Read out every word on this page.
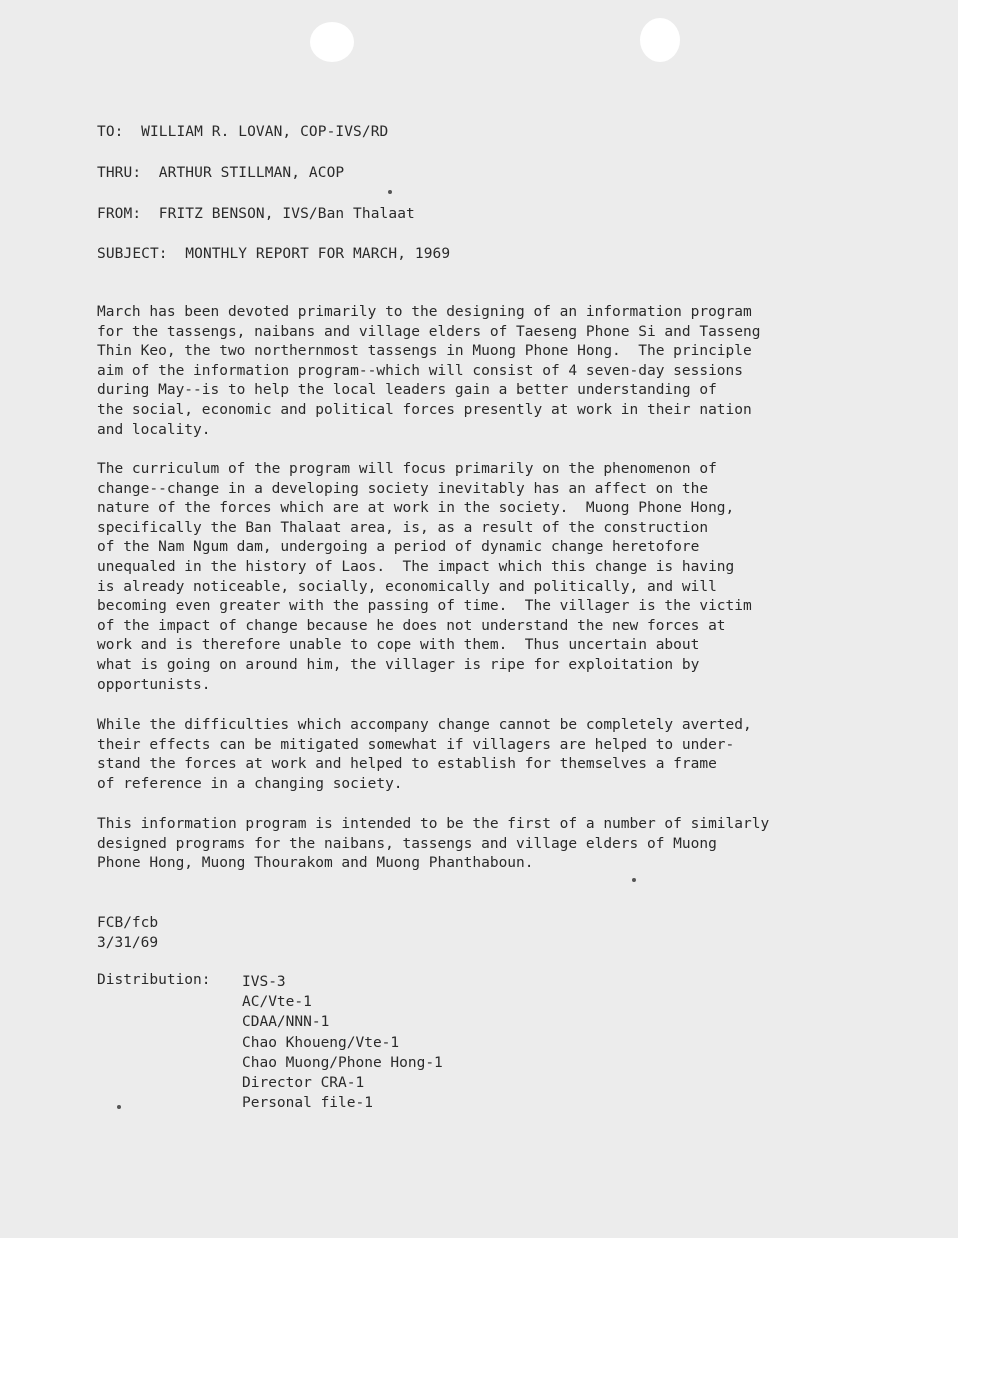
TO:  WILLIAM R. LOVAN, COP-IVS/RD
THRU:  ARTHUR STILLMAN, ACOP
FROM:  FRITZ BENSON, IVS/Ban Thalaat
SUBJECT:  MONTHLY REPORT FOR MARCH, 1969
March has been devoted primarily to the designing of an information program
for the tassengs, naibans and village elders of Taeseng Phone Si and Tasseng
Thin Keo, the two northernmost tassengs in Muong Phone Hong.  The principle
aim of the information program--which will consist of 4 seven-day sessions
during May--is to help the local leaders gain a better understanding of
the social, economic and political forces presently at work in their nation
and locality.
The curriculum of the program will focus primarily on the phenomenon of
change--change in a developing society inevitably has an affect on the
nature of the forces which are at work in the society.  Muong Phone Hong,
specifically the Ban Thalaat area, is, as a result of the construction
of the Nam Ngum dam, undergoing a period of dynamic change heretofore
unequaled in the history of Laos.  The impact which this change is having
is already noticeable, socially, economically and politically, and will
becoming even greater with the passing of time.  The villager is the victim
of the impact of change because he does not understand the new forces at
work and is therefore unable to cope with them.  Thus uncertain about
what is going on around him, the villager is ripe for exploitation by
opportunists.
While the difficulties which accompany change cannot be completely averted,
their effects can be mitigated somewhat if villagers are helped to under-
stand the forces at work and helped to establish for themselves a frame
of reference in a changing society.
This information program is intended to be the first of a number of similarly
designed programs for the naibans, tassengs and village elders of Muong
Phone Hong, Muong Thourakom and Muong Phanthaboun.
FCB/fcb
3/31/69
Distribution: IVS-3
AC/Vte-1
CDAA/NNN-1
Chao Khoueng/Vte-1
Chao Muong/Phone Hong-1
Director CRA-1
Personal file-1
